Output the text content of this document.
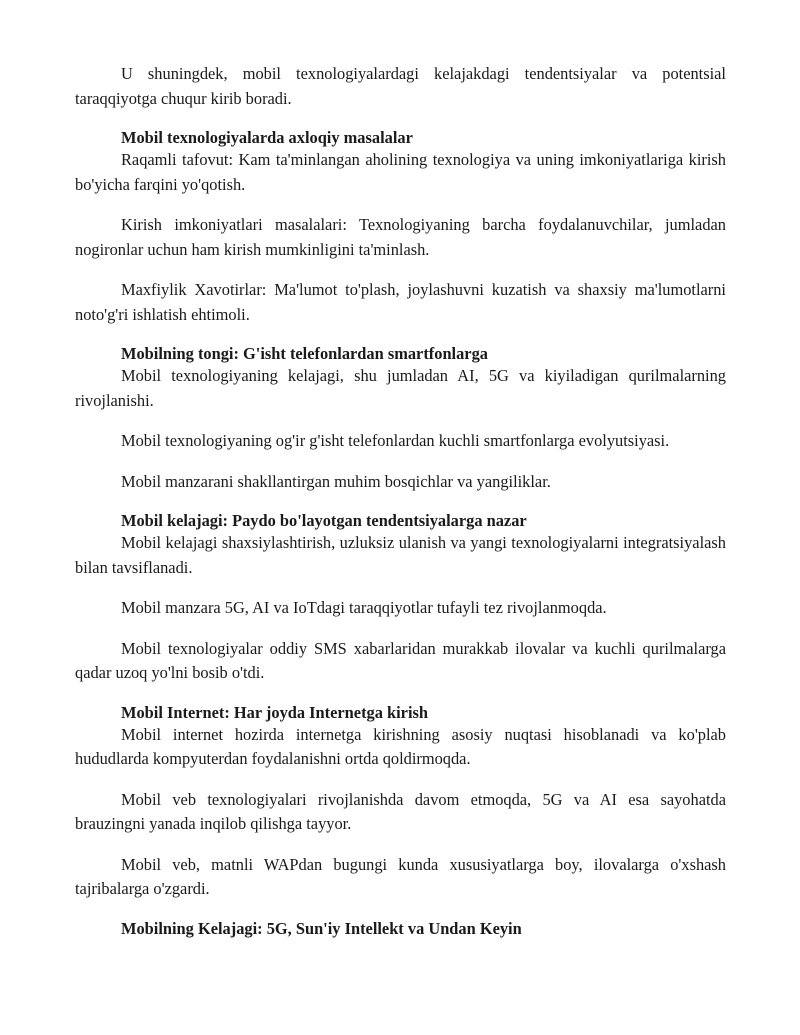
U shuningdek, mobil texnologiyalardagi kelajakdagi tendentsiyalar va potentsial taraqqiyotga chuqur kirib boradi.

Mobil texnologiyalarda axloqiy masalalar

Raqamli tafovut: Kam ta'minlangan aholining texnologiya va uning imkoniyatlariga kirish bo'yicha farqini yo'qotish.

Kirish imkoniyatlari masalalari: Texnologiyaning barcha foydalanuvchilar, jumladan nogironlar uchun ham kirish mumkinligini ta'minlash.

Maxfiylik Xavotirlar: Ma'lumot to'plash, joylashuvni kuzatish va shaxsiy ma'lumotlarni noto'g'ri ishlatish ehtimoli.

Mobilning tongi: G'isht telefonlardan smartfonlarga

Mobil texnologiyaning kelajagi, shu jumladan AI, 5G va kiyiladigan qurilmalarning rivojlanishi.

Mobil texnologiyaning og'ir g'isht telefonlardan kuchli smartfonlarga evolyutsiyasi.

Mobil manzarani shakllantirgan muhim bosqichlar va yangiliklar.

Mobil kelajagi: Paydo bo'layotgan tendentsiyalarga nazar

Mobil kelajagi shaxsiylashtirish, uzluksiz ulanish va yangi texnologiyalarni integratsiyalash bilan tavsiflanadi.

Mobil manzara 5G, AI va IoTdagi taraqqiyotlar tufayli tez rivojlanmoqda.

Mobil texnologiyalar oddiy SMS xabarlaridan murakkab ilovalar va kuchli qurilmalarga qadar uzoq yo'lni bosib o'tdi.

Mobil Internet: Har joyda Internetga kirish

Mobil internet hozirda internetga kirishning asosiy nuqtasi hisoblanadi va ko'plab hududlarda kompyuterdan foydalanishni ortda qoldirmoqda.

Mobil veb texnologiyalari rivojlanishda davom etmoqda, 5G va AI esa sayohatda brauzingni yanada inqilob qilishga tayyor.

Mobil veb, matnli WAPdan bugungi kunda xususiyatlarga boy, ilovalarga o'xshash tajribalarga o'zgardi.

Mobilning Kelajagi: 5G, Sun'iy Intellekt va Undan Keyin
